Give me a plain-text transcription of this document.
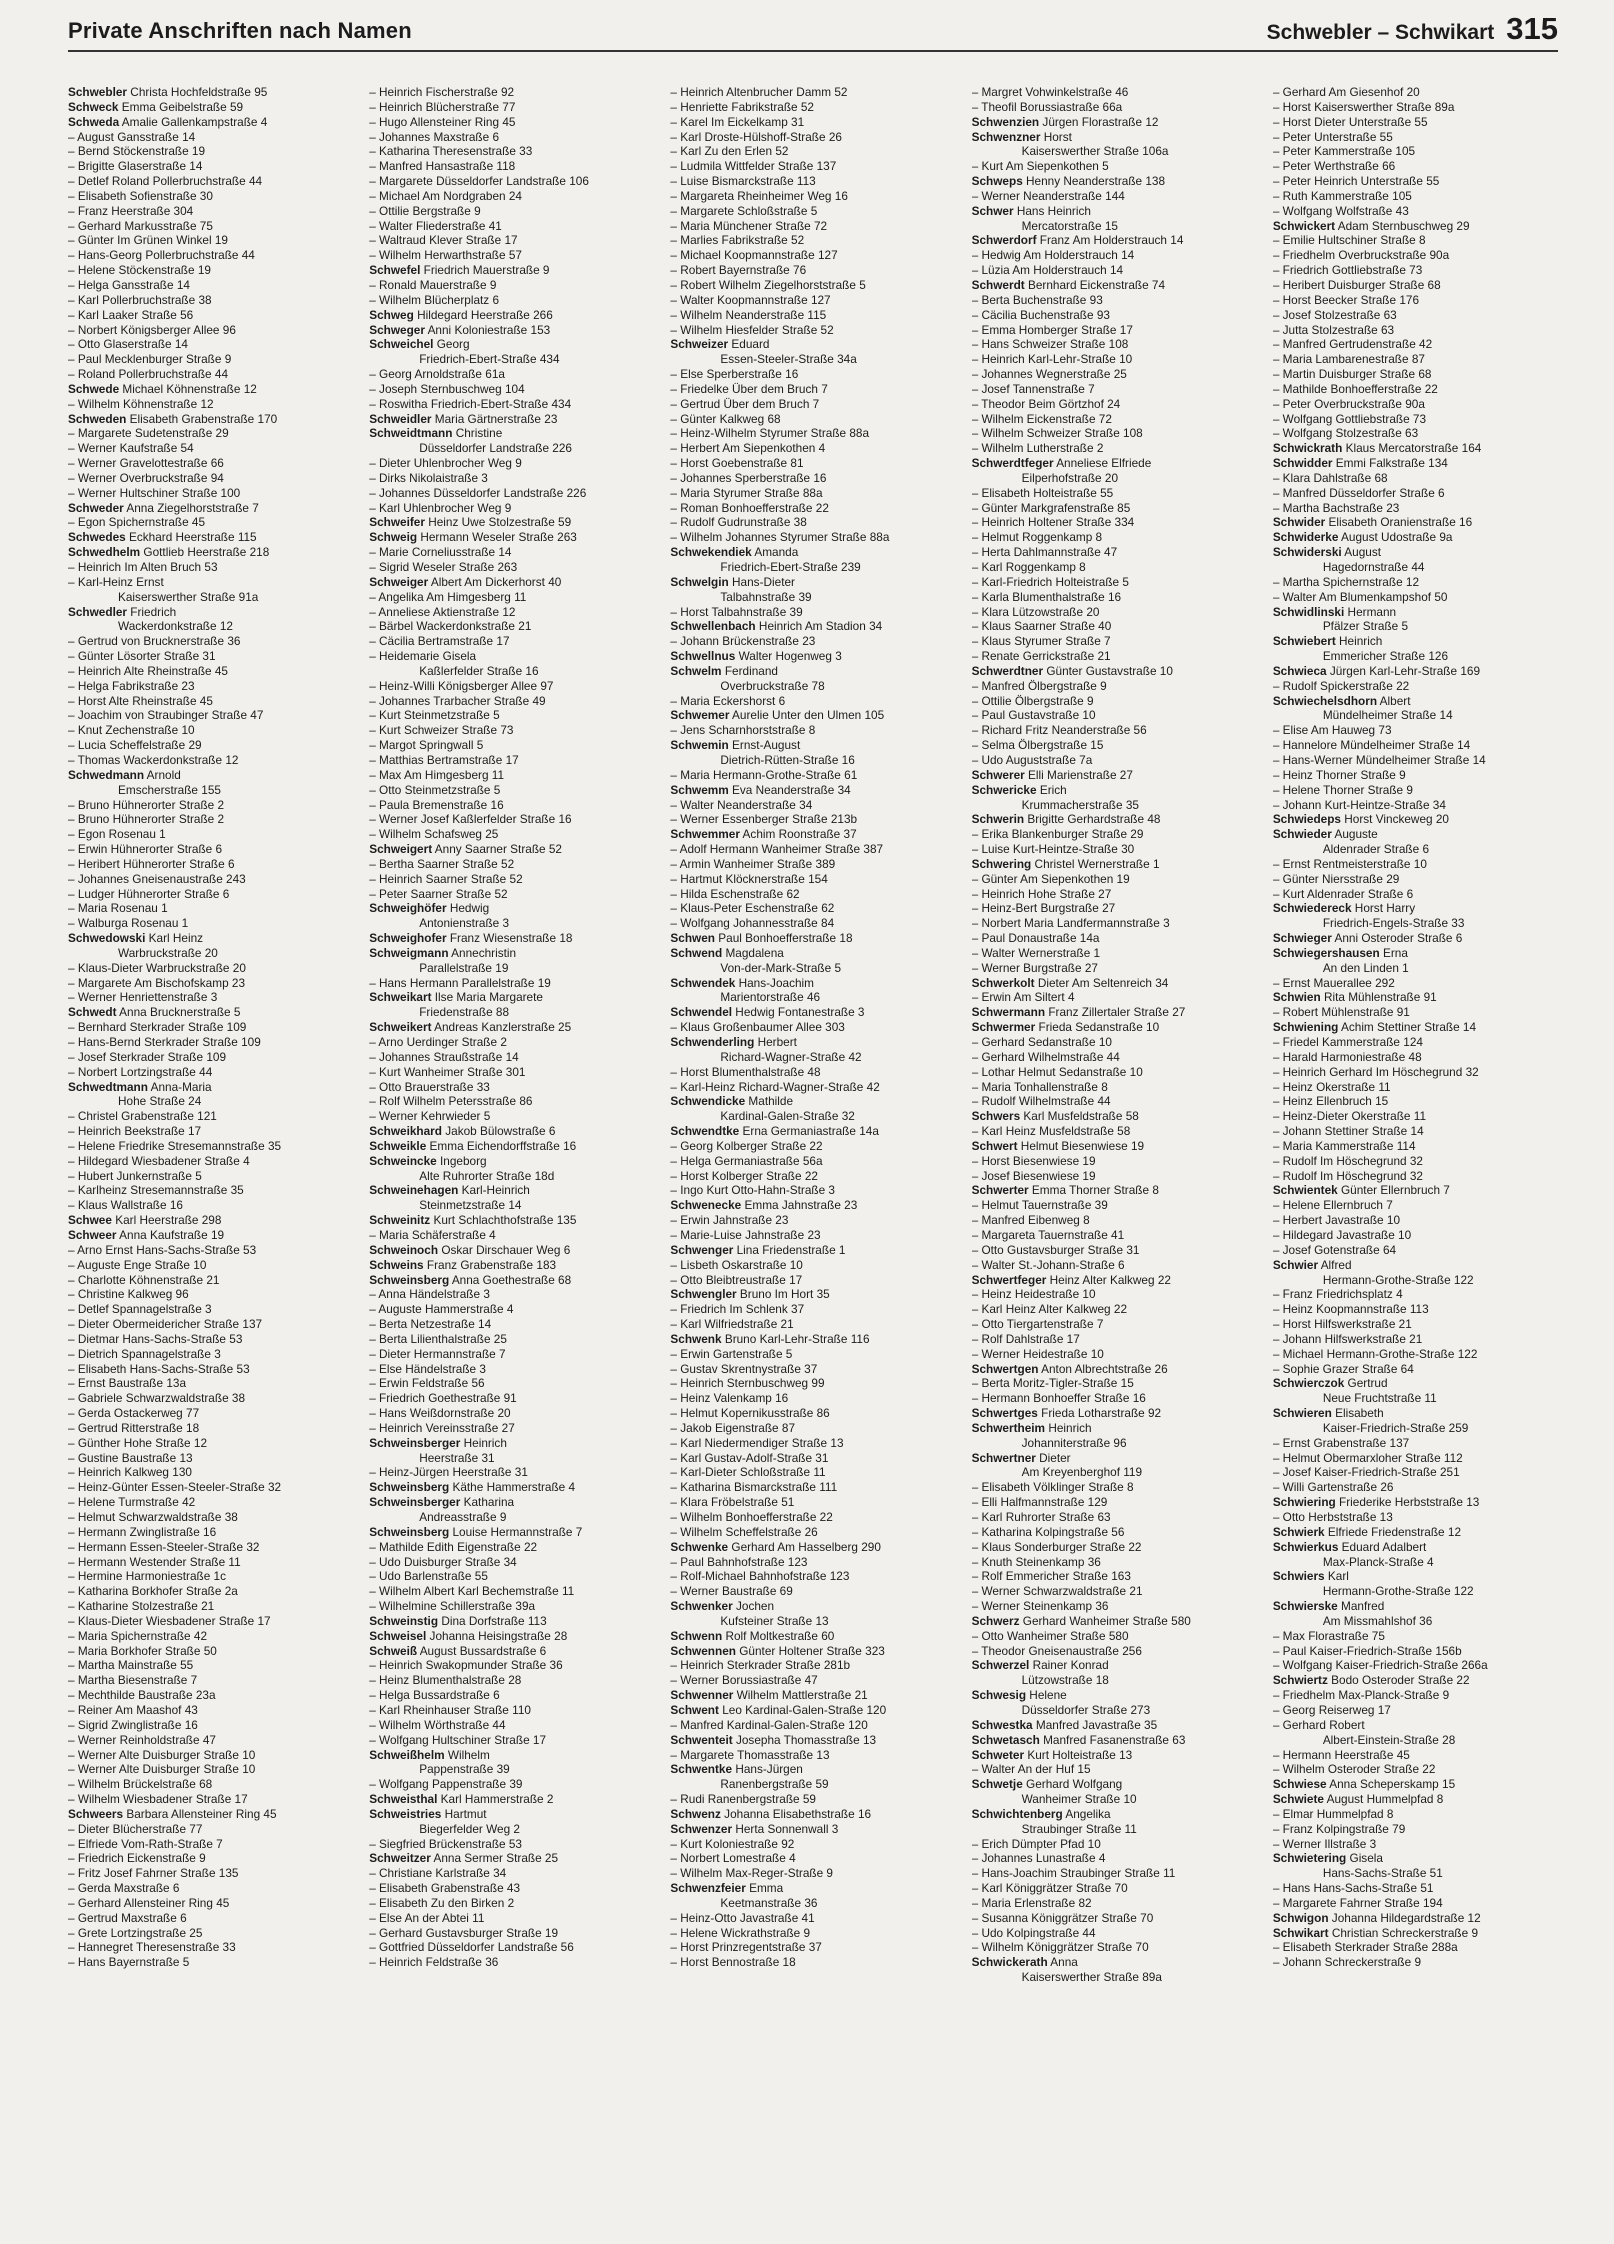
Private Anschriften nach Namen	Schwebler – Schwikart 315
Schwebler Christa Hochfeldstraße 95
Schweck Emma Geibelstraße 59
Schweda Amalie Gallenkampstraße 4
– August Gansstraße 14
– Bernd Stöckenstraße 19
– Brigitte Glaserstraße 14
– Detlef Roland Pollerbruchstraße 44
– Elisabeth Sofienstraße 30
– Franz Heerstraße 304
– Gerhard Markusstraße 75
– Günter Im Grünen Winkel 19
– Hans-Georg Pollerbruchstraße 44
– Helene Stöckenstraße 19
– Helga Gansstraße 14
– Karl Pollerbruchstraße 38
– Karl Laaker Straße 56
– Norbert Königsberger Allee 96
– Otto Glaserstraße 14
– Paul Mecklenburger Straße 9
– Roland Pollerbruchstraße 44
Schwede Michael Köhnenstraße 12
– Wilhelm Köhnenstraße 12
Schweden Elisabeth Grabenstraße 170
– Margarete Sudetenstraße 29
– Werner Kaufstraße 54
– Werner Gravelottestraße 66
– Werner Overbruckstraße 94
– Werner Hultschiner Straße 100
Schweder Anna Ziegelhorststraße 7
– Egon Spichernstraße 45
Schwedes Eckhard Heerstraße 115
Schwedhelm Gottlieb Heerstraße 218
– Heinrich Im Alten Bruch 53
– Karl-Heinz Ernst
Kaiserswerther Straße 91a
Schwedler Friedrich
Wackerdonkstraße 12
– Gertrud von Brucknerstraße 36
– Günter Lösorter Straße 31
– Heinrich Alte Rheinstraße 45
– Helga Fabrikstraße 23
– Horst Alte Rheinstraße 45
– Joachim von Straubinger Straße 47
– Knut Zechenstraße 10
– Lucia Scheffelstraße 29
– Thomas Wackerdonkstraße 12
Schwedmann Arnold
Emscherstraße 155
– Bruno Hühnerorter Straße 2
– Bruno Hühnerorter Straße 2
– Egon Rosenau 1
– Erwin Hühnerorter Straße 6
– Heribert Hühnerorter Straße 6
– Johannes Gneisenaustraße 243
– Ludger Hühnerorter Straße 6
– Maria Rosenau 1
– Walburga Rosenau 1
Schwedowski Karl Heinz
Warbruckstraße 20
– Klaus-Dieter Warbruckstraße 20
– Margarete Am Bischofskamp 23
– Werner Henriettenstraße 3
Schwedt Anna Brucknerstraße 5
– Bernhard Sterkrader Straße 109
– Hans-Bernd Sterkrader Straße 109
– Josef Sterkrader Straße 109
– Norbert Lortzingstraße 44
Schwedtmann Anna-Maria
Hohe Straße 24
– Christel Grabenstraße 121
– Heinrich Beekstraße 17
– Helene Friedrike Stresemannstraße 35
– Hildegard Wiesbadener Straße 4
– Hubert Junkernstraße 5
– Karlheinz Stresemannstraße 35
– Klaus Wallstraße 16
Schwee Karl Heerstraße 298
Schweer Anna Kaufstraße 19
– Arno Ernst Hans-Sachs-Straße 53
– Auguste Enge Straße 10
– Charlotte Köhnenstraße 21
– Christine Kalkweg 96
– Detlef Spannagelstraße 3
– Dieter Obermeidericher Straße 137
– Dietmar Hans-Sachs-Straße 53
– Dietrich Spannagelstraße 3
– Elisabeth Hans-Sachs-Straße 53
– Ernst Baustraße 13a
– Gabriele Schwarzwaldstraße 38
– Gerda Ostackerweg 77
– Gertrud Ritterstraße 18
– Günther Hohe Straße 12
– Gustine Baustraße 13
– Heinrich Kalkweg 130
– Heinz-Günter Essen-Steeler-Straße 32
– Helene Turmstraße 42
– Helmut Schwarzwaldstraße 38
– Hermann Zwinglistraße 16
– Hermann Essen-Steeler-Straße 32
– Hermann Westender Straße 11
– Hermine Harmoniestraße 1c
– Katharina Borkhofer Straße 2a
– Katharine Stolzestraße 21
– Klaus-Dieter Wiesbadener Straße 17
– Maria Spichernstraße 42
– Maria Borkhofer Straße 50
– Martha Mainstraße 55
– Martha Biesenstraße 7
– Mechthilde Baustraße 23a
– Reiner Am Maashof 43
– Sigrid Zwinglistraße 16
– Werner Reinholdstraße 47
– Werner Alte Duisburger Straße 10
– Werner Alte Duisburger Straße 10
– Wilhelm Brückelstraße 68
– Wilhelm Wiesbadener Straße 17
Schweers Barbara Allensteiner Ring 45
– Dieter Blücherstraße 77
– Elfriede Vom-Rath-Straße 7
– Friedrich Eickenstraße 9
– Fritz Josef Fahrner Straße 135
– Gerda Maxstraße 6
– Gerhard Allensteiner Ring 45
– Gertrud Maxstraße 6
– Grete Lortzingstraße 25
– Hannegret Theresenstraße 33
– Hans Bayernstraße 5
– Heinrich Fischerstraße 92
– Heinrich Blücherstraße 77
– Hugo Allensteiner Ring 45
– Johannes Maxstraße 6
– Katharina Theresenstraße 33
– Manfred Hansastraße 118
– Margarete Düsseldorfer Landstraße 106
– Michael Am Nordgraben 24
– Ottilie Bergstraße 9
– Walter Fliederstraße 41
– Waltraud Klever Straße 17
– Wilhelm Herwarthstraße 57
Schwefel Friedrich Mauerstraße 9
– Ronald Mauerstraße 9
– Wilhelm Blücherplatz 6
Schweg Hildegard Heerstraße 266
Schweger Anni Koloniestraße 153
Schweichel Georg
Friedrich-Ebert-Straße 434
– Georg Arnoldstraße 61a
– Joseph Sternbuschweg 104
– Roswitha Friedrich-Ebert-Straße 434
Schweidler Maria Gärtnerstraße 23
Schweidtmann Christine
Düsseldorfer Landstraße 226
– Dieter Uhlenbrocher Weg 9
– Dirks Nikolaistraße 3
– Johannes Düsseldorfer Landstraße 226
– Karl Uhlenbrocher Weg 9
Schweifer Heinz Uwe Stolzestraße 59
Schweig Hermann Weseler Straße 263
– Marie Corneliusstraße 14
– Sigrid Weseler Straße 263
Schweiger Albert Am Dickerhorst 40
– Angelika Am Himgesberg 11
– Anneliese Aktienstraße 12
– Bärbel Wackerdonkstraße 21
– Cäcilia Bertramstraße 17
– Heidemarie Gisela
Kaßlerfelder Straße 16
– Heinz-Willi Königsberger Allee 97
– Johannes Trarbacher Straße 49
– Kurt Steinmetzstraße 5
– Kurt Schweizer Straße 73
– Margot Springwall 5
– Matthias Bertramstraße 17
– Max Am Himgesberg 11
– Otto Steinmetzstraße 5
– Paula Bremenstraße 16
– Werner Josef Kaßlerfelder Straße 16
– Wilhelm Schafsweg 25
Schweigert Anny Saarner Straße 52
– Bertha Saarner Straße 52
– Heinrich Saarner Straße 52
– Peter Saarner Straße 52
Schweighöfer Hedwig
Antonienstraße 3
Schweighofer Franz Wiesenstraße 18
Schweigmann Annechristin
Parallelstraße 19
– Hans Hermann Parallelstraße 19
Schweikart Ilse Maria Margarete
Friedenstraße 88
Schweikert Andreas Kanzlerstraße 25
– Arno Uerdinger Straße 2
– Johannes Straußstraße 14
– Kurt Wanheimer Straße 301
– Otto Brauerstraße 33
– Rolf Wilhelm Petersstraße 86
– Werner Kehrwieder 5
Schweikhard Jakob Bülowstraße 6
Schweikle Emma Eichendorffstraße 16
Schweincke Ingeborg
Alte Ruhrorter Straße 18d
Schweinehagen Karl-Heinrich
Steinmetzstraße 14
Schweinitz Kurt Schlachthofstraße 135
– Maria Schäferstraße 4
Schweinoch Oskar Dirschauer Weg 6
Schweins Franz Grabenstraße 183
Schweinsberg Anna Goethestraße 68
– Anna Händelstraße 3
– Auguste Hammerstraße 4
– Berta Netzestraße 14
– Berta Lilienthalstraße 25
– Dieter Hermannstraße 7
– Else Händelstraße 3
– Erwin Feldstraße 56
– Friedrich Goethestraße 91
– Hans Weißdornstraße 20
– Heinrich Vereinsstraße 27
Schweinsberger Heinrich
Heerstraße 31
– Heinz-Jürgen Heerstraße 31
Schweinsberg Käthe Hammerstraße 4
Schweinsberger Katharina
Andreasstraße 9
Schweinsberg Louise Hermannstraße 7
– Mathilde Edith Eigenstraße 22
– Udo Duisburger Straße 34
– Udo Barlenstraße 55
– Wilhelm Albert Karl Bechemstraße 11
– Wilhelmine Schillerstraße 39a
Schweinstig Dina Dorfstraße 113
Schweisel Johanna Heisingstraße 28
Schweiß August Bussardstraße 6
– Heinrich Swakopmunder Straße 36
– Heinz Blumenthalstraße 28
– Helga Bussardstraße 6
– Karl Rheinhauser Straße 110
– Wilhelm Wörthstraße 44
– Wolfgang Hultschiner Straße 17
Schweißhelm Wilhelm
Pappenstraße 39
– Wolfgang Pappenstraße 39
Schweisthal Karl Hammerstraße 2
Schweistries Hartmut
Biegerfelder Weg 2
– Siegfried Brückenstraße 53
Schweitzer Anna Sermer Straße 25
– Christiane Karlstraße 34
– Elisabeth Grabenstraße 43
– Elisabeth Zu den Birken 2
– Else An der Abtei 11
– Gerhard Gustavsburger Straße 19
– Gottfried Düsseldorfer Landstraße 56
– Heinrich Feldstraße 36
– Heinrich Altenbrucher Damm 52
– Henriette Fabrikstraße 52
– Karel Im Eickelkamp 31
– Karl Droste-Hülshoff-Straße 26
– Karl Zu den Erlen 52
– Ludmila Wittfelder Straße 137
– Luise Bismarckstraße 113
– Margareta Rheinheimer Weg 16
– Margarete Schloßstraße 5
– Maria Münchener Straße 72
– Marlies Fabrikstraße 52
– Michael Koopmannstraße 127
– Robert Bayernstraße 76
– Robert Wilhelm Ziegelhorststraße 5
– Walter Koopmannstraße 127
– Wilhelm Neanderstraße 115
– Wilhelm Hiesfelder Straße 52
Schweizer Eduard
Essen-Steeler-Straße 34a
– Else Sperberstraße 16
– Friedelke Über dem Bruch 7
– Gertrud Über dem Bruch 7
– Günter Kalkweg 68
– Heinz-Wilhelm Styrumer Straße 88a
– Herbert Am Siepenkothen 4
– Horst Goebenstraße 81
– Johannes Sperberstraße 16
– Maria Styrumer Straße 88a
– Roman Bonhoefferstraße 22
– Rudolf Gudrunstraße 38
– Wilhelm Johannes Styrumer Straße 88a
Schwekendiek Amanda
Friedrich-Ebert-Straße 239
Schwelgin Hans-Dieter
Talbahnstraße 39
– Horst Talbahnstraße 39
Schwellenbach Heinrich Am Stadion 34
– Johann Brückenstraße 23
Schwellnus Walter Hogenweg 3
Schwelm Ferdinand
Overbruckstraße 78
– Maria Eckershorst 6
Schwemer Aurelie Unter den Ulmen 105
– Jens Scharnhorststraße 8
Schwemin Ernst-August
Dietrich-Rütten-Straße 16
– Maria Hermann-Grothe-Straße 61
Schwemm Eva Neanderstraße 34
– Walter Neanderstraße 34
– Werner Essenberger Straße 213b
Schwemmer Achim Roonstraße 37
– Adolf Hermann Wanheimer Straße 387
– Armin Wanheimer Straße 389
– Hartmut Klöcknerstraße 154
– Hilda Eschenstraße 62
– Klaus-Peter Eschenstraße 62
– Wolfgang Johannesstraße 84
Schwen Paul Bonhoefferstraße 18
Schwend Magdalena
Von-der-Mark-Straße 5
Schwendek Hans-Joachim
Marientorstraße 46
Schwendel Hedwig Fontanestraße 3
– Klaus Großenbaumer Allee 303
Schwenderling Herbert
Richard-Wagner-Straße 42
– Horst Blumenthalstraße 48
– Karl-Heinz Richard-Wagner-Straße 42
Schwendicke Mathilde
Kardinal-Galen-Straße 32
Schwendtke Erna Germaniastraße 14a
– Georg Kolberger Straße 22
– Helga Germaniastraße 56a
– Horst Kolberger Straße 22
– Ingo Kurt Otto-Hahn-Straße 3
Schwenecke Emma Jahnstraße 23
– Erwin Jahnstraße 23
– Marie-Luise Jahnstraße 23
Schwenger Lina Friedenstraße 1
– Lisbeth Oskarstraße 10
– Otto Bleibtreustraße 17
Schwengler Bruno Im Hort 35
– Friedrich Im Schlenk 37
– Karl Wilfriedstraße 21
Schwenk Bruno Karl-Lehr-Straße 116
– Erwin Gartenstraße 5
– Gustav Skrentnystraße 37
– Heinrich Sternbuschweg 99
– Heinz Valenkamp 16
– Helmut Kopernikusstraße 86
– Jakob Eigenstraße 87
– Karl Niedermendiger Straße 13
– Karl Gustav-Adolf-Straße 31
– Karl-Dieter Schloßstraße 11
– Katharina Bismarckstraße 111
– Klara Fröbelstraße 51
– Wilhelm Bonhoefferstraße 22
– Wilhelm Scheffelstraße 26
Schwenke Gerhard Am Hasselberg 290
– Paul Bahnhofstraße 123
– Rolf-Michael Bahnhofstraße 123
– Werner Baustraße 69
Schwenker Jochen
Kufsteiner Straße 13
Schwenn Rolf Moltkestraße 60
Schwennen Günter Holtener Straße 323
– Heinrich Sterkrader Straße 281b
– Werner Borussiastraße 47
Schwenner Wilhelm Mattlerstraße 21
Schwent Leo Kardinal-Galen-Straße 120
– Manfred Kardinal-Galen-Straße 120
Schwenteit Josepha Thomasstraße 13
– Margarete Thomasstraße 13
Schwentke Hans-Jürgen
Ranenbergstraße 59
– Rudi Ranenbergstraße 59
Schwenz Johanna Elisabethstraße 16
Schwenzer Herta Sonnenwall 3
– Kurt Koloniestraße 92
– Norbert Lomestraße 4
– Wilhelm Max-Reger-Straße 9
Schwenzfeier Emma
Keetmanstraße 36
– Heinz-Otto Javastraße 41
– Helene Wickrathstraße 9
– Horst Prinzregentstraße 37
– Horst Bennostraße 18
– Margret Vohwinkelstraße 46
– Theofil Borussiastraße 66a
Schwenzien Jürgen Florastraße 12
Schwenzner Horst
Kaiserswerther Straße 106a
– Kurt Am Siepenkothen 5
Schweps Henny Neanderstraße 138
– Werner Neanderstraße 144
Schwer Hans Heinrich
Mercatorstraße 15
Schwerdorf Franz Am Holderstrauch 14
– Hedwig Am Holderstrauch 14
– Lüzia Am Holderstrauch 14
Schwerdt Bernhard Eickenstraße 74
– Berta Buchenstraße 93
– Cäcilia Buchenstraße 93
– Emma Homberger Straße 17
– Hans Schweizer Straße 108
– Heinrich Karl-Lehr-Straße 10
– Johannes Wegnerstraße 25
– Josef Tannenstraße 7
– Theodor Beim Görtzhof 24
– Wilhelm Eickenstraße 72
– Wilhelm Schweizer Straße 108
– Wilhelm Lutherstraße 2
Schwerdtfeger Anneliese Elfriede
Eilperhofstraße 20
– Elisabeth Holteistraße 55
– Günter Markgrafenstraße 85
– Heinrich Holtener Straße 334
– Helmut Roggenkamp 8
– Herta Dahlmannstraße 47
– Karl Roggenkamp 8
– Karl-Friedrich Holteistraße 5
– Karla Blumenthalstraße 16
– Klara Lützowstraße 20
– Klaus Saarner Straße 40
– Klaus Styrumer Straße 7
– Renate Gerrickstraße 21
Schwerdtner Günter Gustavstraße 10
– Manfred Ölbergstraße 9
– Ottilie Ölbergstraße 9
– Paul Gustavstraße 10
– Richard Fritz Neanderstraße 56
– Selma Ölbergstraße 15
– Udo Auguststraße 7a
Schwerer Elli Marienstraße 27
Schwericke Erich
Krummacherstraße 35
Schwerin Brigitte Gerhardstraße 48
– Erika Blankenburger Straße 29
– Luise Kurt-Heintze-Straße 30
Schwering Christel Wernerstraße 1
– Günter Am Siepenkothen 19
– Heinrich Hohe Straße 27
– Heinz-Bert Burgstraße 27
– Norbert Maria Landfermannstraße 3
– Paul Donaustraße 14a
– Walter Wernerstraße 1
– Werner Burgstraße 27
Schwerkolt Dieter Am Seltenreich 34
– Erwin Am Siltert 4
Schwermann Franz Zillertaler Straße 27
Schwermer Frieda Sedanstraße 10
– Gerhard Sedanstraße 10
– Gerhard Wilhelmstraße 44
– Lothar Helmut Sedanstraße 10
– Maria Tonhallenstraße 8
– Rudolf Wilhelmstraße 44
Schwers Karl Musfeldstraße 58
– Karl Heinz Musfeldstraße 58
Schwert Helmut Biesenwiese 19
– Horst Biesenwiese 19
– Josef Biesenwiese 19
Schwerter Emma Thorner Straße 8
– Helmut Tauernstraße 39
– Manfred Eibenweg 8
– Margareta Tauernstraße 41
– Otto Gustavsburger Straße 31
– Walter St.-Johann-Straße 6
Schwertfeger Heinz Alter Kalkweg 22
– Heinz Heidestraße 10
– Karl Heinz Alter Kalkweg 22
– Otto Tiergartenstraße 7
– Rolf Dahlstraße 17
– Werner Heidestraße 10
Schwertgen Anton Albrechtstraße 26
– Berta Moritz-Tigler-Straße 15
– Hermann Bonhoeffer Straße 16
Schwertges Frieda Lotharstraße 92
Schwertheim Heinrich
Johanniterstraße 96
Schwertner Dieter
Am Kreyenberghof 119
– Elisabeth Völklinger Straße 8
– Elli Halfmannstraße 129
– Karl Ruhrorter Straße 63
– Katharina Kolpingstraße 56
– Klaus Sonderburger Straße 22
– Knuth Steinenkamp 36
– Rolf Emmericher Straße 163
– Werner Schwarzwaldstraße 21
– Werner Steinenkamp 36
Schwerz Gerhard Wanheimer Straße 580
– Otto Wanheimer Straße 580
– Theodor Gneisenaustraße 256
Schwerzel Rainer Konrad
Lützowstraße 18
Schwesig Helene
Düsseldorfer Straße 273
Schwestka Manfred Javastraße 35
Schwetasch Manfred Fasanenstraße 63
Schweter Kurt Holteistraße 13
– Walter An der Huf 15
Schwetje Gerhard Wolfgang
Wanheimer Straße 10
Schwichtenberg Angelika
Straubinger Straße 11
– Erich Dümpter Pfad 10
– Johannes Lunastraße 4
– Hans-Joachim Straubinger Straße 11
– Karl Königgrätzer Straße 70
– Maria Erlenstraße 82
– Susanna Königgrätzer Straße 70
– Udo Kolpingstraße 44
– Wilhelm Königgrätzer Straße 70
Schwickerath Anna
Kaiserswerther Straße 89a
– Gerhard Am Giesenhof 20
– Horst Kaiserswerther Straße 89a
– Horst Dieter Unterstraße 55
– Peter Unterstraße 55
– Peter Kammerstraße 105
– Peter Werthstraße 66
– Peter Heinrich Unterstraße 55
– Ruth Kammerstraße 105
– Wolfgang Wolfstraße 43
Schwickert Adam Sternbuschweg 29
– Emilie Hultschiner Straße 8
– Friedhelm Overbruckstraße 90a
– Friedrich Gottliebstraße 73
– Heribert Duisburger Straße 68
– Horst Beecker Straße 176
– Josef Stolzestraße 63
– Jutta Stolzestraße 63
– Manfred Gertrudenstraße 42
– Maria Lambarenestraße 87
– Martin Duisburger Straße 68
– Mathilde Bonhoefferstraße 22
– Peter Overbruckstraße 90a
– Wolfgang Gottliebstraße 73
– Wolfgang Stolzestraße 63
Schwickrath Klaus Mercatorstraße 164
Schwidder Emmi Falkstraße 134
– Klara Dahlstraße 68
– Manfred Düsseldorfer Straße 6
– Martha Bachstraße 23
Schwider Elisabeth Oranienstraße 16
Schwiderke August Udostraße 9a
Schwiderski August
Hagedornstraße 44
– Martha Spichernstraße 12
– Walter Am Blumenkampshof 50
Schwidlinski Hermann
Pfälzer Straße 5
Schwiebert Heinrich
Emmericher Straße 126
Schwieca Jürgen Karl-Lehr-Straße 169
– Rudolf Spickerstraße 22
Schwiechelsdhorn Albert
Mündelheimer Straße 14
– Elise Am Hauweg 73
– Hannelore Mündelheimer Straße 14
– Hans-Werner Mündelheimer Straße 14
– Heinz Thorner Straße 9
– Helene Thorner Straße 9
– Johann Kurt-Heintze-Straße 34
Schwiedeps Horst Vinckeweg 20
Schwieder Auguste
Aldenrader Straße 6
– Ernst Rentmeisterstraße 10
– Günter Niersstraße 29
– Kurt Aldenrader Straße 6
Schwiedereck Horst Harry
Friedrich-Engels-Straße 33
Schwieger Anni Osteroder Straße 6
Schwiegershausen Erna
An den Linden 1
– Ernst Mauerallee 292
Schwien Rita Mühlenstraße 91
– Robert Mühlenstraße 91
Schwiening Achim Stettiner Straße 14
– Friedel Kammerstraße 124
– Harald Harmoniestraße 48
– Heinrich Gerhard Im Höschegrund 32
– Heinz Okerstraße 11
– Heinz Ellenbruch 15
– Heinz-Dieter Okerstraße 11
– Johann Stettiner Straße 14
– Maria Kammerstraße 114
– Rudolf Im Höschegrund 32
– Rudolf Im Höschegrund 32
Schwientek Günter Ellernbruch 7
– Helene Ellernbruch 7
– Herbert Javastraße 10
– Hildegard Javastraße 10
– Josef Gotenstraße 64
Schwier Alfred
Hermann-Grothe-Straße 122
– Franz Friedrichsplatz 4
– Heinz Koopmannstraße 113
– Horst Hilfswerkstraße 21
– Johann Hilfswerkstraße 21
– Michael Hermann-Grothe-Straße 122
– Sophie Grazer Straße 64
Schwierczok Gertrud
Neue Fruchtstraße 11
Schwieren Elisabeth
Kaiser-Friedrich-Straße 259
– Ernst Grabenstraße 137
– Helmut Obermarxloher Straße 112
– Josef Kaiser-Friedrich-Straße 251
– Willi Gartenstraße 26
Schwiering Friederike Herbststraße 13
– Otto Herbststraße 13
Schwierk Elfriede Friedenstraße 12
Schwierkus Eduard Adalbert
Max-Planck-Straße 4
Schwiers Karl
Hermann-Grothe-Straße 122
Schwierske Manfred
Am Missmahlshof 36
– Max Florastraße 75
– Paul Kaiser-Friedrich-Straße 156b
– Wolfgang Kaiser-Friedrich-Straße 266a
Schwiertz Bodo Osteroder Straße 22
– Friedhelm Max-Planck-Straße 9
– Georg Reiserweg 17
– Gerhard Robert
Albert-Einstein-Straße 28
– Hermann Heerstraße 45
– Wilhelm Osteroder Straße 22
Schwiese Anna Scheperskamp 15
Schwiete August Hummelpfad 8
– Elmar Hummelpfad 8
– Franz Kolpingstraße 79
– Werner Illstraße 3
Schwietering Gisela
Hans-Sachs-Straße 51
– Hans Hans-Sachs-Straße 51
– Margarete Fahrner Straße 194
Schwigon Johanna Hildegardstraße 12
Schwikart Christian Schreckerstraße 9
– Elisabeth Sterkrader Straße 288a
– Johann Schreckerstraße 9
